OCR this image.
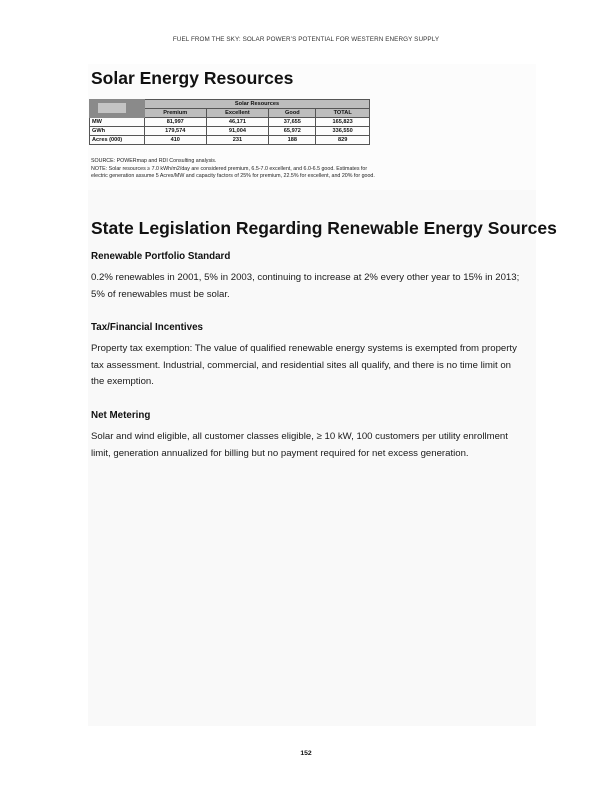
FUEL FROM THE SKY: SOLAR POWER’S POTENTIAL FOR WESTERN ENERGY SUPPLY
Solar Energy Resources
	Solar Resources			
	Premium	Excellent	Good	TOTAL
MW	81,997	46,171	37,655	165,823
GWh	179,574	91,004	65,972	336,550
Acres (000)	410	231	188	829

SOURCE: POWERmap and RDI Consulting analysis.

NOTE: Solar resources ≥ 7.0 kWh/m2/day are considered premium, 6.5-7.0 excellent, and 6.0-6.5 good. Estimates for electric generation assume 5 Acres/MW and capacity factors of 25% for premium, 22.5% for excellent, and 20% for good.

State Legislation Regarding Renewable Energy Sources
Renewable Portfolio Standard

0.2% renewables in 2001, 5% in 2003, continuing to increase at 2% every other year to 15% in 2013; 5% of renewables must be solar.

Tax/Financial Incentives

Property tax exemption: The value of qualified renewable energy systems is exempted from property tax assessment. Industrial, commercial, and residential sites all qualify, and there is no time limit on the exemption.

Net Metering

Solar and wind eligible, all customer classes eligible, ≥ 10 kW, 100 customers per utility enrollment limit, generation annualized for billing but no payment required for net excess generation.

152
